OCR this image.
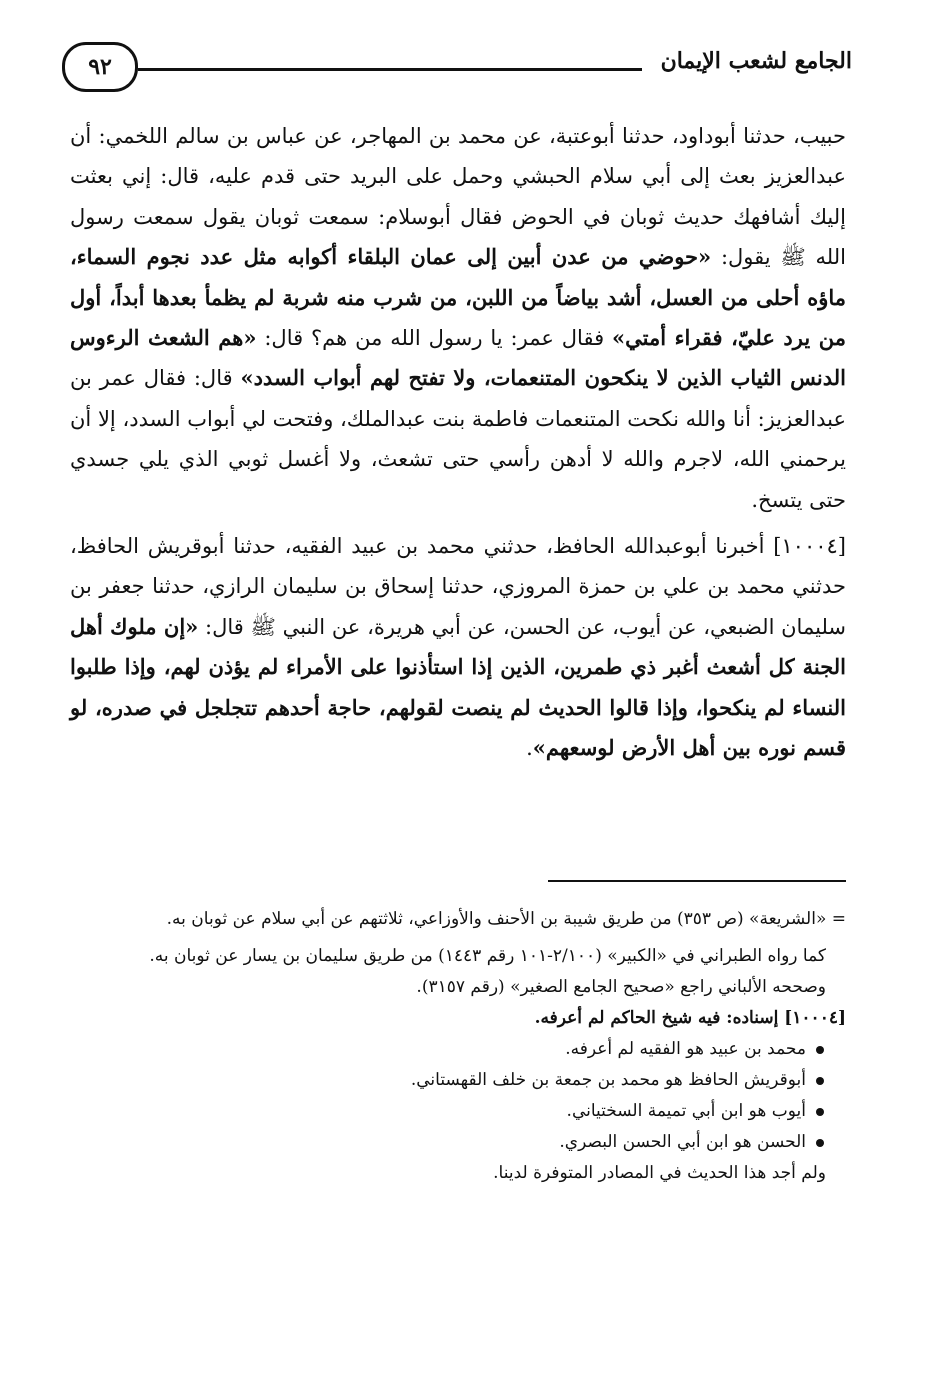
٩٢	الجامع لشعب الإيمان

حبيب، حدثنا أبوداود، حدثنا أبوعتبة، عن محمد بن المهاجر، عن عباس بن سالم اللخمي: أن عبدالعزيز بعث إلى أبي سلام الحبشي وحمل على البريد حتى قدم عليه، قال: إني بعثت إليك أشافهك حديث ثوبان في الحوض فقال أبوسلام: سمعت ثوبان يقول سمعت رسول الله ﷺ يقول: «حوضي من عدن أبين إلى عمان البلقاء أكوابه مثل عدد نجوم السماء، ماؤه أحلى من العسل، أشد بياضاً من اللبن، من شرب منه شربة لم يظمأ بعدها أبداً، أول من يرد عليّ، فقراء أمتي» فقال عمر: يا رسول الله من هم؟ قال: «هم الشعث الرءوس الدنس الثياب الذين لا ينكحون المتنعمات، ولا تفتح لهم أبواب السدد» قال: فقال عمر بن عبدالعزيز: أنا والله نكحت المتنعمات فاطمة بنت عبدالملك، وفتحت لي أبواب السدد، إلا أن يرحمني الله، لاجرم والله لا أدهن رأسي حتى تشعث، ولا أغسل ثوبي الذي يلي جسدي حتى يتسخ.

[١٠٠٠٤] أخبرنا أبوعبدالله الحافظ، حدثني محمد بن عبيد الفقيه، حدثنا أبوقريش الحافظ، حدثني محمد بن علي بن حمزة المروزي، حدثنا إسحاق بن سليمان الرازي، حدثنا جعفر بن سليمان الضبعي، عن أيوب، عن الحسن، عن أبي هريرة، عن النبي ﷺ قال: «إن ملوك أهل الجنة كل أشعث أغبر ذي طمرين، الذين إذا استأذنوا على الأمراء لم يؤذن لهم، وإذا طلبوا النساء لم ينكحوا، وإذا قالوا الحديث لم ينصت لقولهم، حاجة أحدهم تتجلجل في صدره، لو قسم نوره بين أهل الأرض لوسعهم».

= «الشريعة» (ص ٣٥٣) من طريق شيبة بن الأحنف والأوزاعي، ثلاثتهم عن أبي سلام عن ثوبان به.

كما رواه الطبراني في «الكبير» (٢/١٠٠-١٠١ رقم ١٤٤٣) من طريق سليمان بن يسار عن ثوبان به.

وصححه الألباني راجع «صحيح الجامع الصغير» (رقم ٣١٥٧).

[١٠٠٠٤] إسناده: فيه شيخ الحاكم لم أعرفه.

محمد بن عبيد هو الفقيه لم أعرفه.
أبوقريش الحافظ هو محمد بن جمعة بن خلف القهستاني.
أيوب هو ابن أبي تميمة السختياني.
الحسن هو ابن أبي الحسن البصري.

ولم أجد هذا الحديث في المصادر المتوفرة لدينا.
